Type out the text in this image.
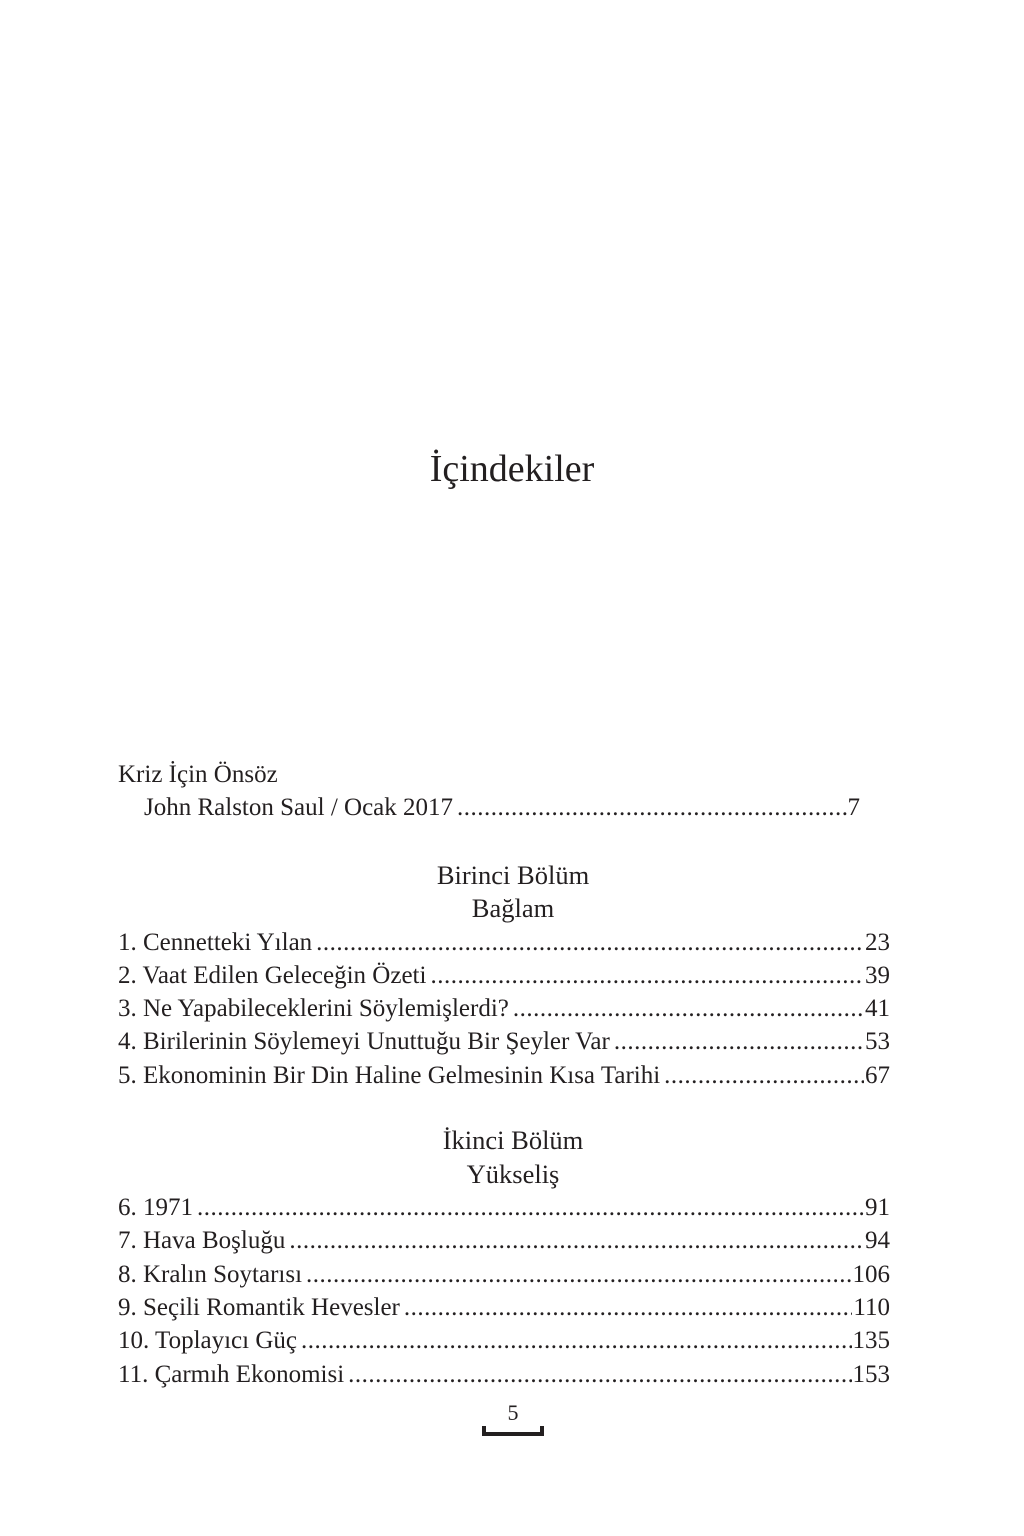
İçindekiler
Kriz İçin Önsöz
John Ralston Saul / Ocak 2017 .....	7
Birinci Bölüm
Bağlam
1. Cennetteki Yılan .....	23
2. Vaat Edilen Geleceğin Özeti .....	39
3. Ne Yapabileceklerini Söylemişlerdi? .....	41
4. Birilerinin Söylemeyi Unuttuğu Bir Şeyler Var .....	53
5. Ekonominin Bir Din Haline Gelmesinin Kısa Tarihi .....	67
İkinci Bölüm
Yükseliş
6. 1971 .....	91
7. Hava Boşluğu .....	94
8. Kralın Soytarısı .....	106
9. Seçili Romantik Hevesler .....	110
10. Toplayıcı Güç .....	135
11. Çarmıh Ekonomisi .....	153
5
